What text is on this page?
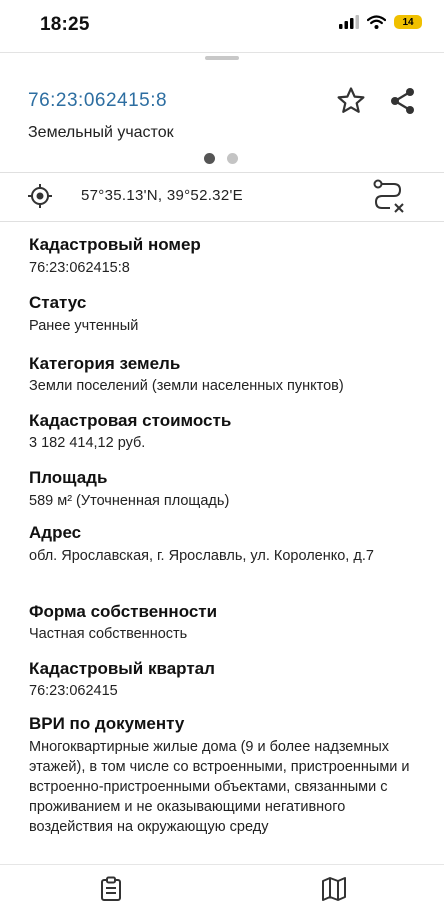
18:25	14
76:23:062415:8
Земельный участок
57°35.13'N, 39°52.32'E
Кадастровый номер
76:23:062415:8
Статус
Ранее учтенный
Категория земель
Земли поселений (земли населенных пунктов)
Кадастровая стоимость
3 182 414,12 руб.
Площадь
589 м² (Уточненная площадь)
Адрес
обл. Ярославская, г. Ярославль, ул. Короленко, д.7
Форма собственности
Частная собственность
Кадастровый квартал
76:23:062415
ВРИ по документу
Многоквартирные жилые дома (9 и более надземных этажей), в том числе со встроенными, пристроенными и встроенно-пристроенными объектами, связанными с проживанием и не оказывающими негативного воздействия на окружающую среду
